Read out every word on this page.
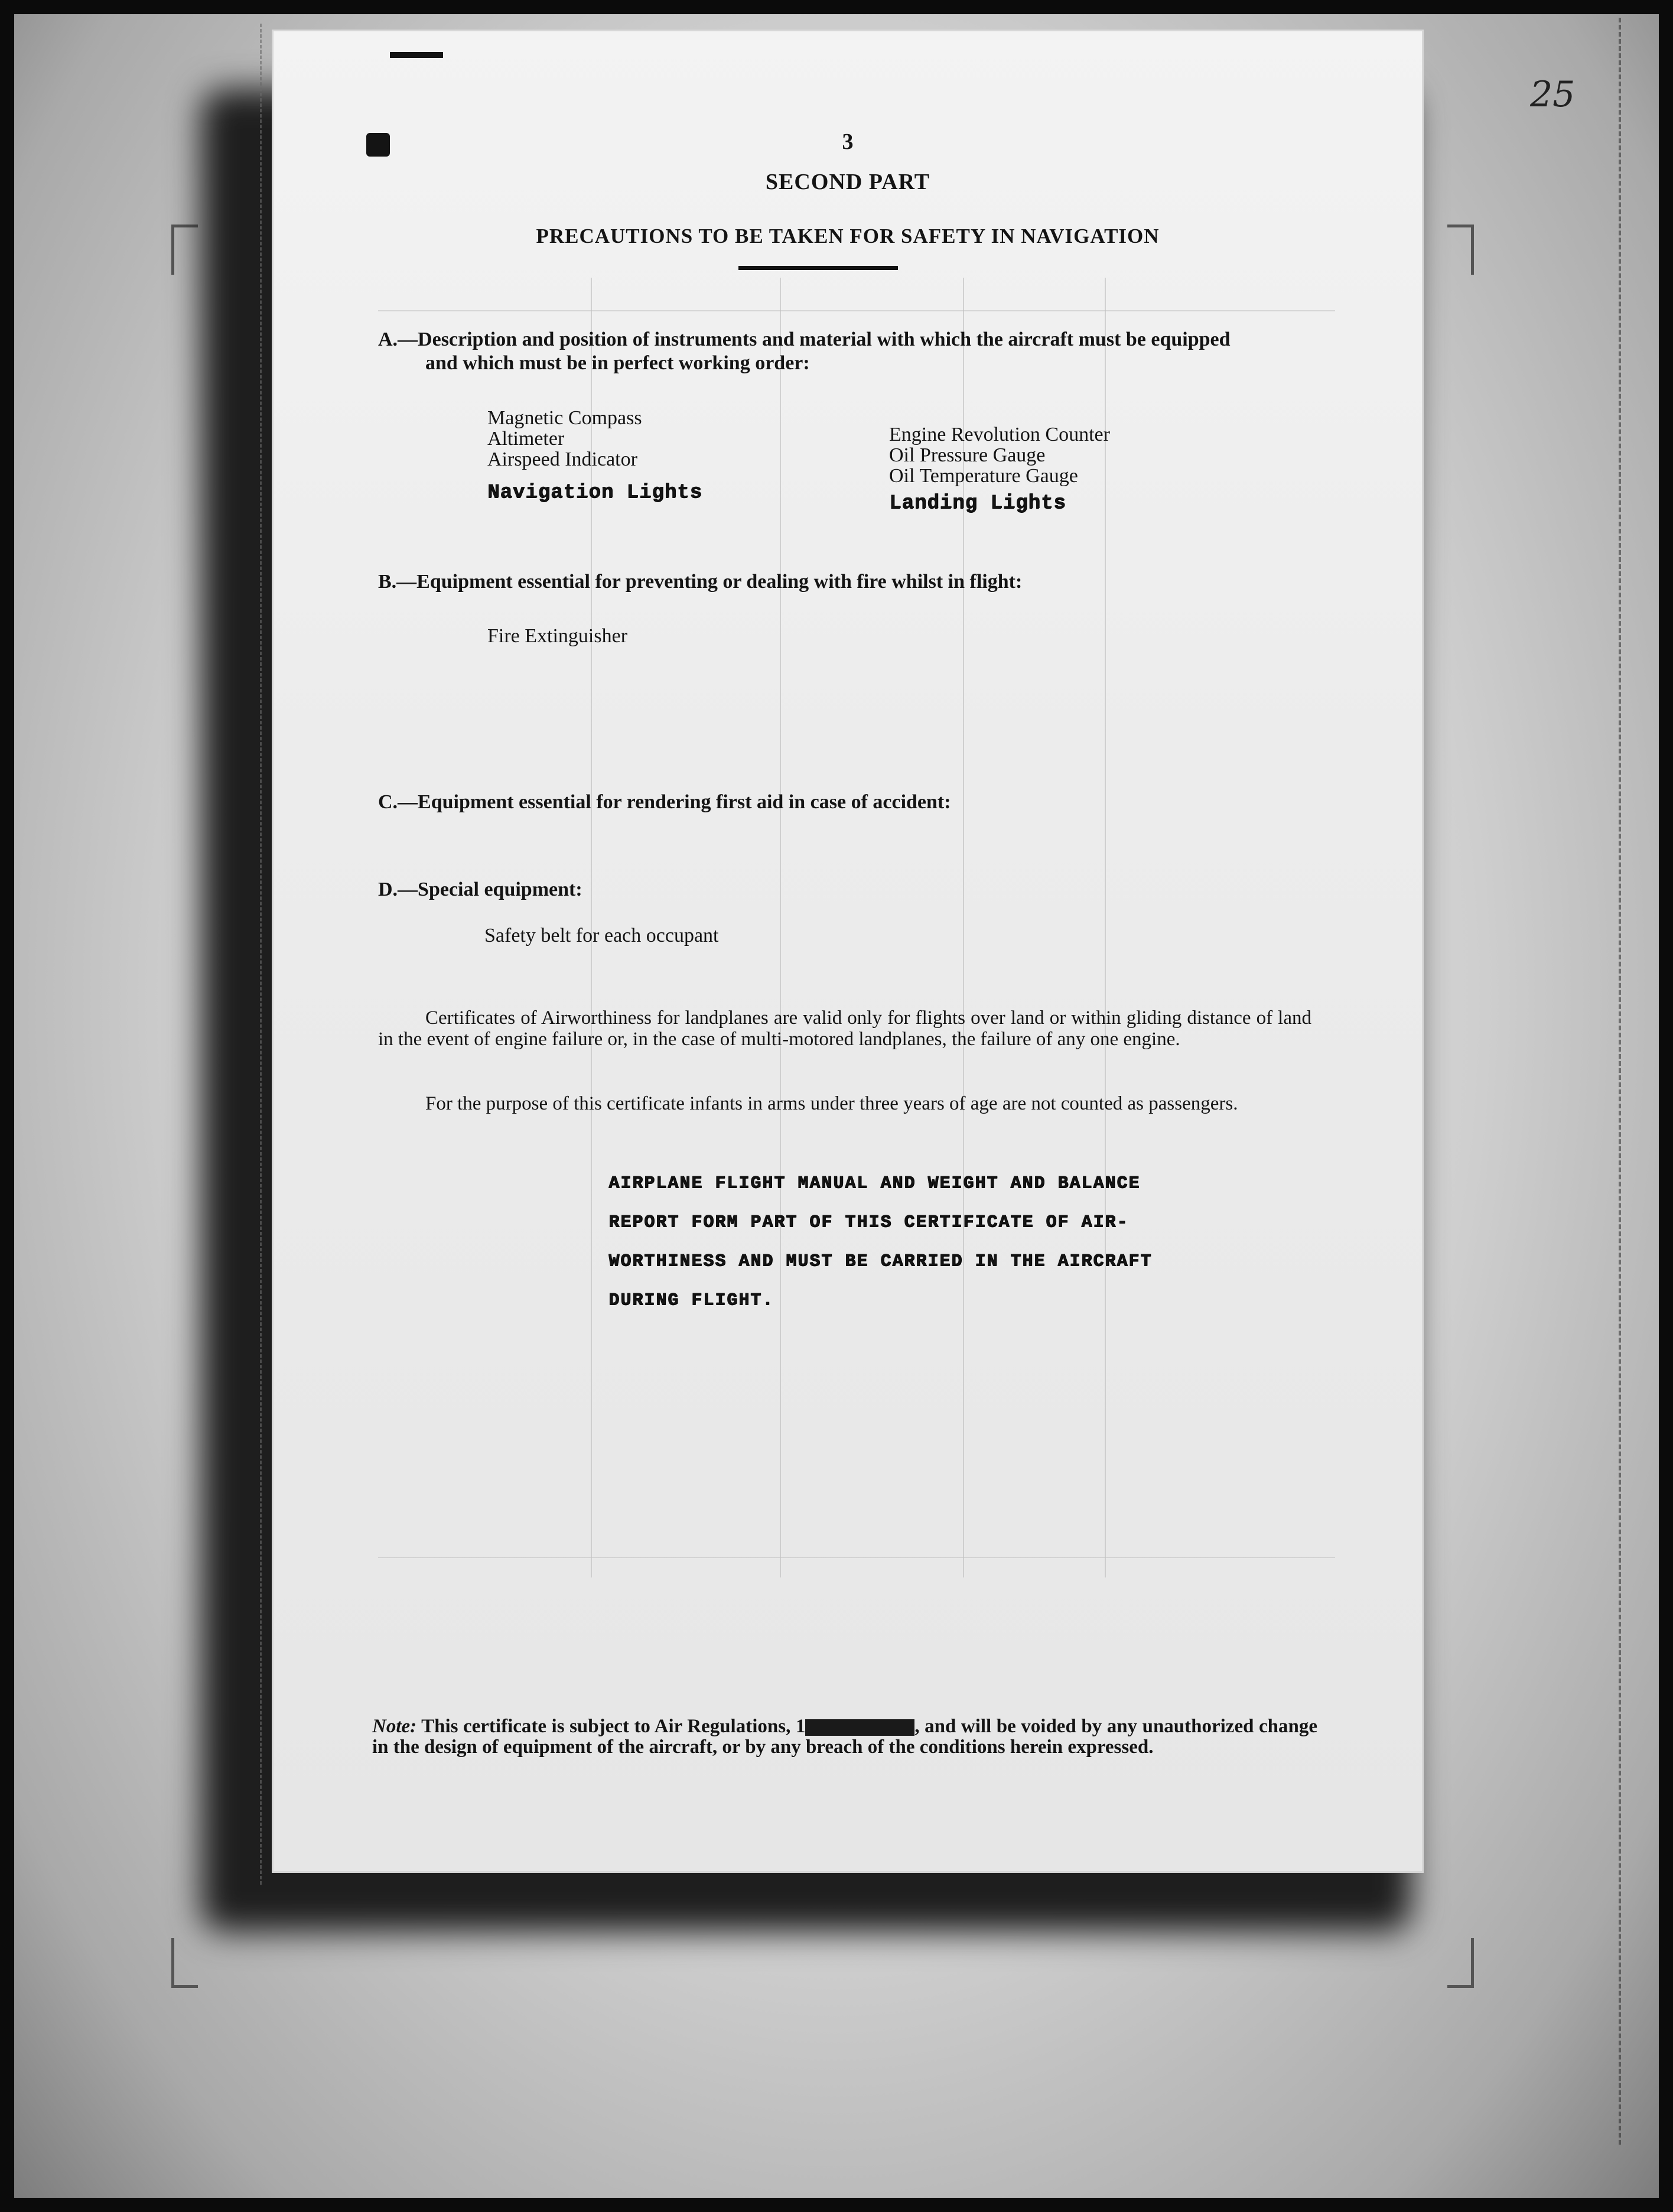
25
3
SECOND PART
PRECAUTIONS TO BE TAKEN FOR SAFETY IN NAVIGATION
A.—Description and position of instruments and material with which the aircraft must be equipped
and which must be in perfect working order:
Magnetic Compass
Altimeter
Airspeed Indicator
Navigation Lights
Engine Revolution Counter
Oil Pressure Gauge
Oil Temperature Gauge
Landing Lights
B.—Equipment essential for preventing or dealing with fire whilst in flight:
Fire Extinguisher
C.—Equipment essential for rendering first aid in case of accident:
D.—Special equipment:
Safety belt for each occupant
Certificates of Airworthiness for landplanes are valid only for flights over land or within gliding distance of land in the event of engine failure or, in the case of multi-motored landplanes, the failure of any one engine.
For the purpose of this certificate infants in arms under three years of age are not counted as passengers.
AIRPLANE FLIGHT MANUAL AND WEIGHT AND BALANCE
REPORT FORM PART OF THIS CERTIFICATE OF AIR-
WORTHINESS AND MUST BE CARRIED IN THE AIRCRAFT
DURING FLIGHT.
Note: This certificate is subject to Air Regulations, 1	, and will be voided by any unauthorized change in the design of equipment of the aircraft, or by any breach of the conditions herein expressed.
